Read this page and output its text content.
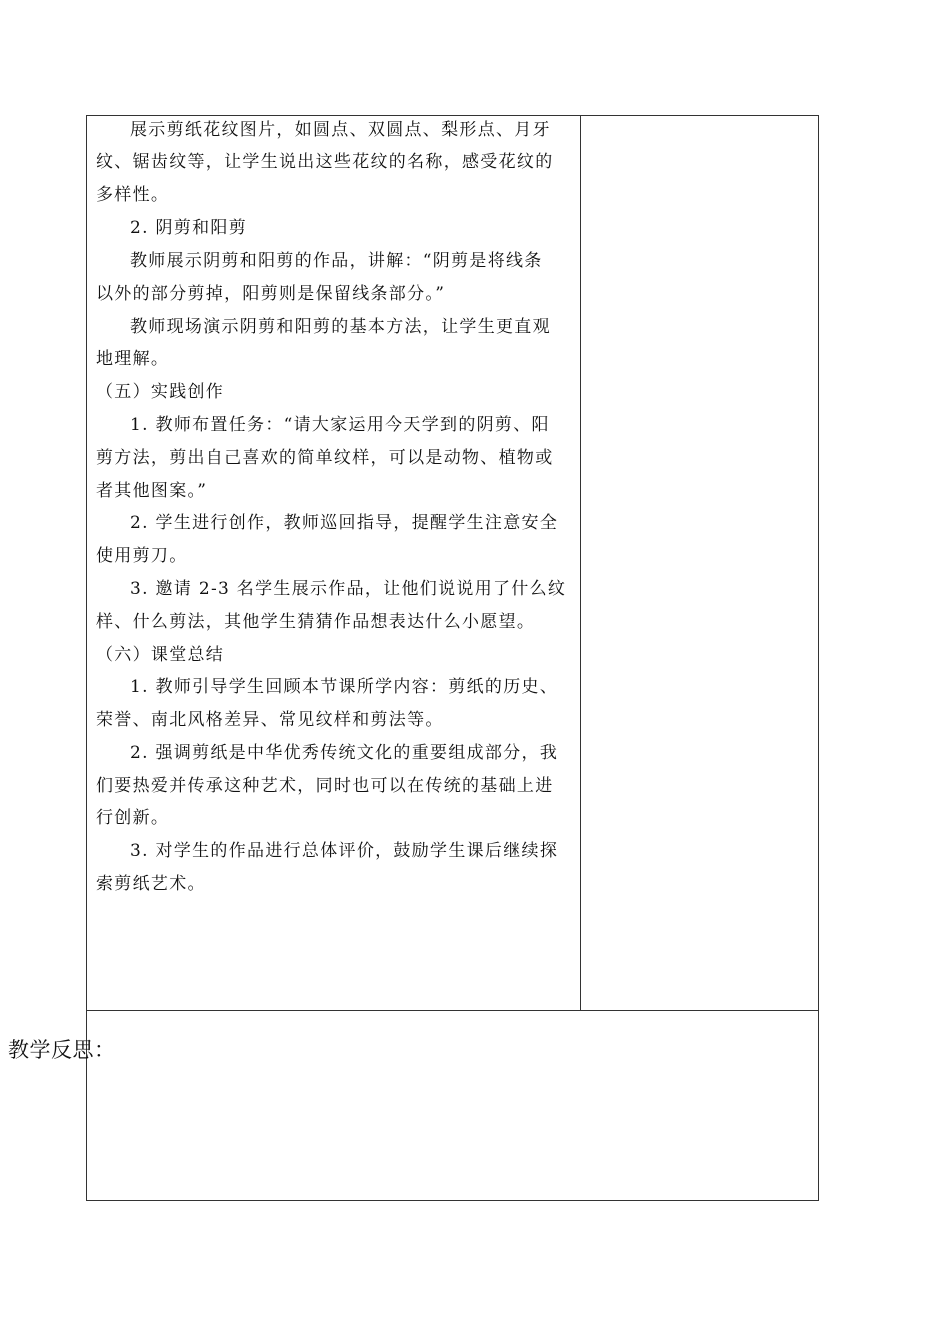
展示剪纸花纹图片，如圆点、双圆点、梨形点、月牙
纹、锯齿纹等，让学生说出这些花纹的名称，感受花纹的
多样性。
2. 阴剪和阳剪
教师展示阴剪和阳剪的作品，讲解：“阴剪是将线条
以外的部分剪掉，阳剪则是保留线条部分。”
教师现场演示阴剪和阳剪的基本方法，让学生更直观
地理解。
（五）实践创作
1. 教师布置任务：“请大家运用今天学到的阴剪、阳
剪方法，剪出自己喜欢的简单纹样，可以是动物、植物或
者其他图案。”
2. 学生进行创作，教师巡回指导，提醒学生注意安全
使用剪刀。
3. 邀请 2-3 名学生展示作品，让他们说说用了什么纹
样、什么剪法，其他学生猜猜作品想表达什么小愿望。
（六）课堂总结
1. 教师引导学生回顾本节课所学内容：剪纸的历史、
荣誉、南北风格差异、常见纹样和剪法等。
2. 强调剪纸是中华优秀传统文化的重要组成部分，我
们要热爱并传承这种艺术，同时也可以在传统的基础上进
行创新。
3. 对学生的作品进行总体评价，鼓励学生课后继续探
索剪纸艺术。
教学反思：
